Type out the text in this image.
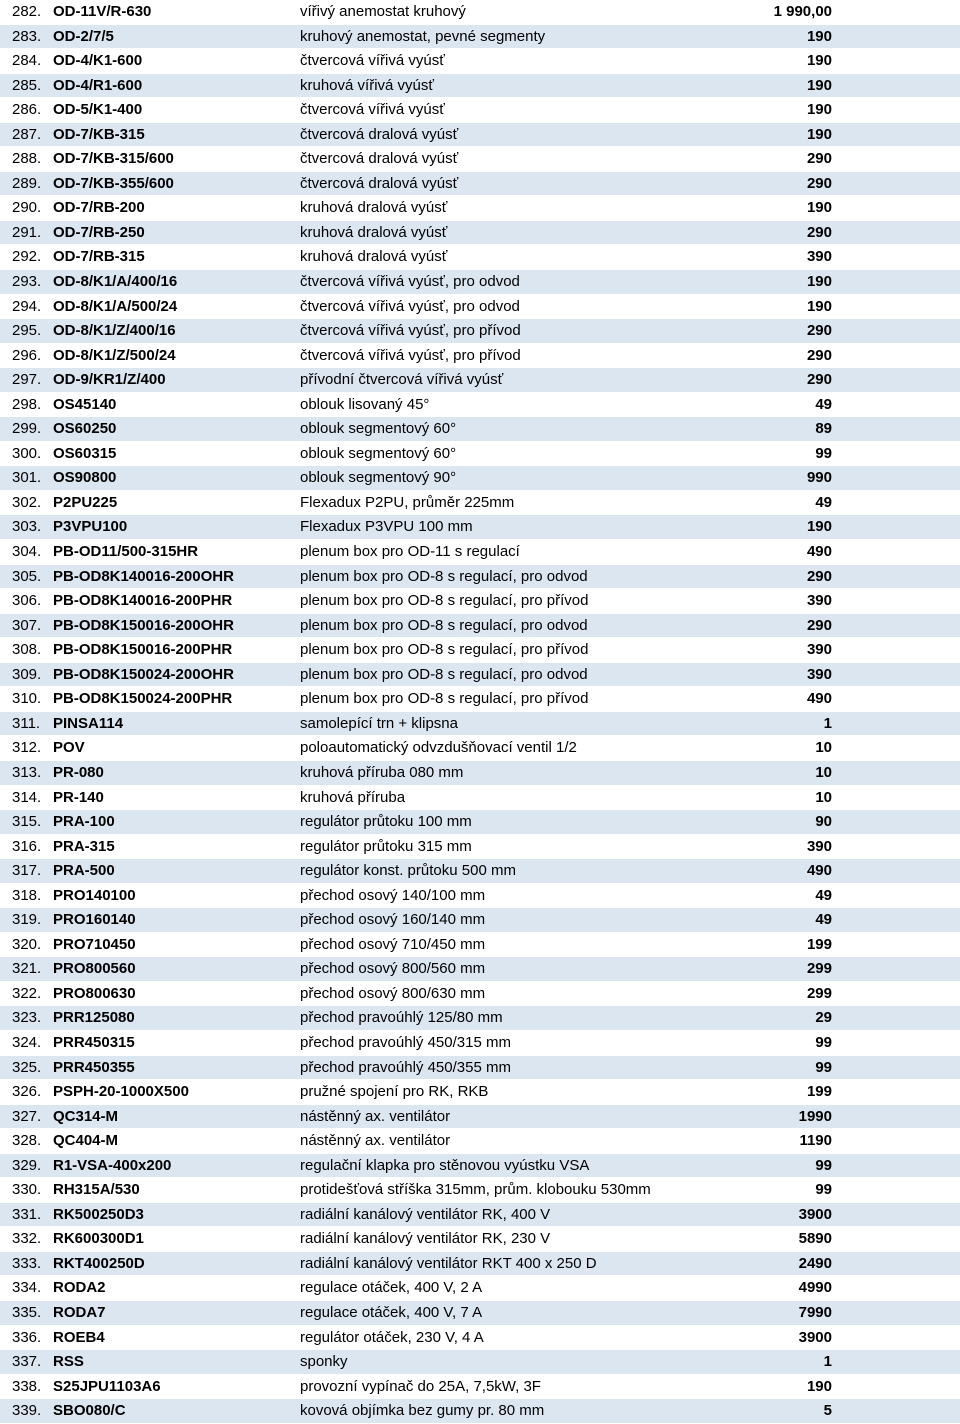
282. OD-11V/R-630	vířivý anemostat kruhový	1 990,00
283. OD-2/7/5	kruhový anemostat, pevné segmenty	190
284. OD-4/K1-600	čtvercová vířivá vyúsť	190
285. OD-4/R1-600	kruhová vířivá vyúsť	190
286. OD-5/K1-400	čtvercová vířivá vyúsť	190
287. OD-7/KB-315	čtvercová dralová vyúsť	190
288. OD-7/KB-315/600	čtvercová dralová vyúsť	290
289. OD-7/KB-355/600	čtvercová dralová vyúsť	290
290. OD-7/RB-200	kruhová dralová vyúsť	190
291. OD-7/RB-250	kruhová dralová vyúsť	290
292. OD-7/RB-315	kruhová dralová vyúsť	390
293. OD-8/K1/A/400/16	čtvercová vířivá vyúsť, pro odvod	190
294. OD-8/K1/A/500/24	čtvercová vířivá vyúsť, pro odvod	190
295. OD-8/K1/Z/400/16	čtvercová vířivá vyúsť, pro přívod	290
296. OD-8/K1/Z/500/24	čtvercová vířivá vyúsť, pro přívod	290
297. OD-9/KR1/Z/400	přívodní čtvercová vířivá vyúsť	290
298. OS45140	oblouk lisovaný 45°	49
299. OS60250	oblouk segmentový 60°	89
300. OS60315	oblouk segmentový 60°	99
301. OS90800	oblouk segmentový 90°	990
302. P2PU225	Flexadux P2PU, průměr 225mm	49
303. P3VPU100	Flexadux P3VPU 100 mm	190
304. PB-OD11/500-315HR	plenum box pro OD-11 s regulací	490
305. PB-OD8K140016-200OHR	plenum box pro OD-8 s regulací, pro odvod	290
306. PB-OD8K140016-200PHR	plenum box pro OD-8 s regulací, pro přívod	390
307. PB-OD8K150016-200OHR	plenum box pro OD-8 s regulací, pro odvod	290
308. PB-OD8K150016-200PHR	plenum box pro OD-8 s regulací, pro přívod	390
309. PB-OD8K150024-200OHR	plenum box pro OD-8 s regulací, pro odvod	390
310. PB-OD8K150024-200PHR	plenum box pro OD-8 s regulací, pro přívod	490
311. PINSA114	samolepící trn + klipsna	1
312. POV	poloautomatický odvzdušňovací ventil 1/2	10
313. PR-080	kruhová příruba 080 mm	10
314. PR-140	kruhová příruba	10
315. PRA-100	regulátor průtoku 100 mm	90
316. PRA-315	regulátor průtoku 315 mm	390
317. PRA-500	regulátor konst. průtoku 500 mm	490
318. PRO140100	přechod osový 140/100 mm	49
319. PRO160140	přechod osový 160/140 mm	49
320. PRO710450	přechod osový 710/450 mm	199
321. PRO800560	přechod osový 800/560 mm	299
322. PRO800630	přechod osový 800/630 mm	299
323. PRR125080	přechod pravoúhlý 125/80 mm	29
324. PRR450315	přechod pravoúhlý 450/315 mm	99
325. PRR450355	přechod pravoúhlý 450/355 mm	99
326. PSPH-20-1000X500	pružné spojení pro RK, RKB	199
327. QC314-M	nástěnný ax. ventilátor	1990
328. QC404-M	nástěnný ax. ventilátor	1190
329. R1-VSA-400x200	regulační klapka pro stěnovou vyústku VSA	99
330. RH315A/530	protidešťová stříška 315mm, prům. klobouku 530mm	99
331. RK500250D3	radiální kanálový ventilátor RK, 400 V	3900
332. RK600300D1	radiální kanálový ventilátor RK, 230 V	5890
333. RKT400250D	radiální kanálový ventilátor RKT 400 x 250 D	2490
334. RODA2	regulace otáček, 400 V, 2 A	4990
335. RODA7	regulace otáček, 400 V, 7 A	7990
336. ROEB4	regulátor otáček, 230 V, 4 A	3900
337. RSS	sponky	1
338. S25JPU1103A6	provozní vypínač do 25A, 7,5kW, 3F	190
339. SBO080/C	kovová objímka bez gumy pr. 80 mm	5
